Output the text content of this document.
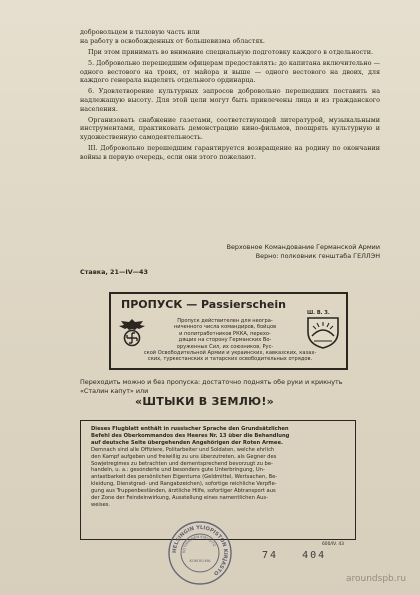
добровольцем в тыловую часть или
на работу в освобожденных от большевизма областях.

При этом принимать во внимание специальную подготовку каждого в отдельности.

5. Добровольно перешедшим офицерам предоставлять: до капитана включительно — одного вестового на троих, от майора и выше — одного вестового на двоих, для каждого генерала выделять отдельного ординарца.

6. Удовлетворение культурных запросов добровольно перешедших поставить на надлежащую высоту. Для этой цели могут быть привлечены лица и из гражданского населения.

Организовать снабжение газетами, соответствующей литературой, музыкальными инструментами, практиковать демонстрацию кино-фильмов, поощрять культурную и художественную самодеятельность.

III. Добровольно перешедшим гарантируется возвращение на родину по окончании войны в первую очередь, если они этого пожелают.

Верховное Командование Германской Армии
Верно: полковник генштаба ГЕЛЛЭН
Ставка, 21—IV—43
ПРОПУСК — Passierschein
Пропуск действителен для неогра-
ниченного числа командиров, бойцов
и политработников РККА, перехо-
дящих на сторону Германских Во-
оруженных Сил, их союзников, Рус-
Ш. В. З.
ской Освободительной Армии и украинских, кавказских, казах-
ских, туркестанских и татарских освободительных отрядов.
Переходить можно и без пропуска: достаточно поднять обе руки и крикнуть
«Сталин капут» или
«ШТЫКИ В ЗЕМЛЮ!»
Dieses Flugblatt enthält in russischer Sprache den Grundsätzlichen
Befehl des Oberkommandos des Heeres Nr. 13 über die Behandlung
auf deutsche Seite übergehenden Angehörigen der Roten Armee.
Demnach sind alle Offiziere, Politarbeiter und Soldaten, welche ehrlich
den Kampf aufgeben und freiwillig zu uns überzutreten, als Gegner des
Sowjetregimes zu betrachten und dementsprechend bevorzugt zu be-
handeln, u. a.: gesonderte und besonders gute Unterbringung, Un-
antastbarkeit des persönlichen Eigentums (Geldmittel, Wertsachen, Be-
kleidung, Dienstgrad- und Rangabzeichen), sofortige reichliche Verpfle-
gung aus Truppenbeständen, ärztliche Hilfe, sofortiger Abtransport aus
der Zone der Feindeinwirkung, Ausstellung eines namentlichen Aus-
weises.
600/IV. 43
HELSINGIN YLIOPISTON KIRJASTO
KOTIMAINEN KIRJASTO
KOKOELMA	74 404
aroundspb.ru
